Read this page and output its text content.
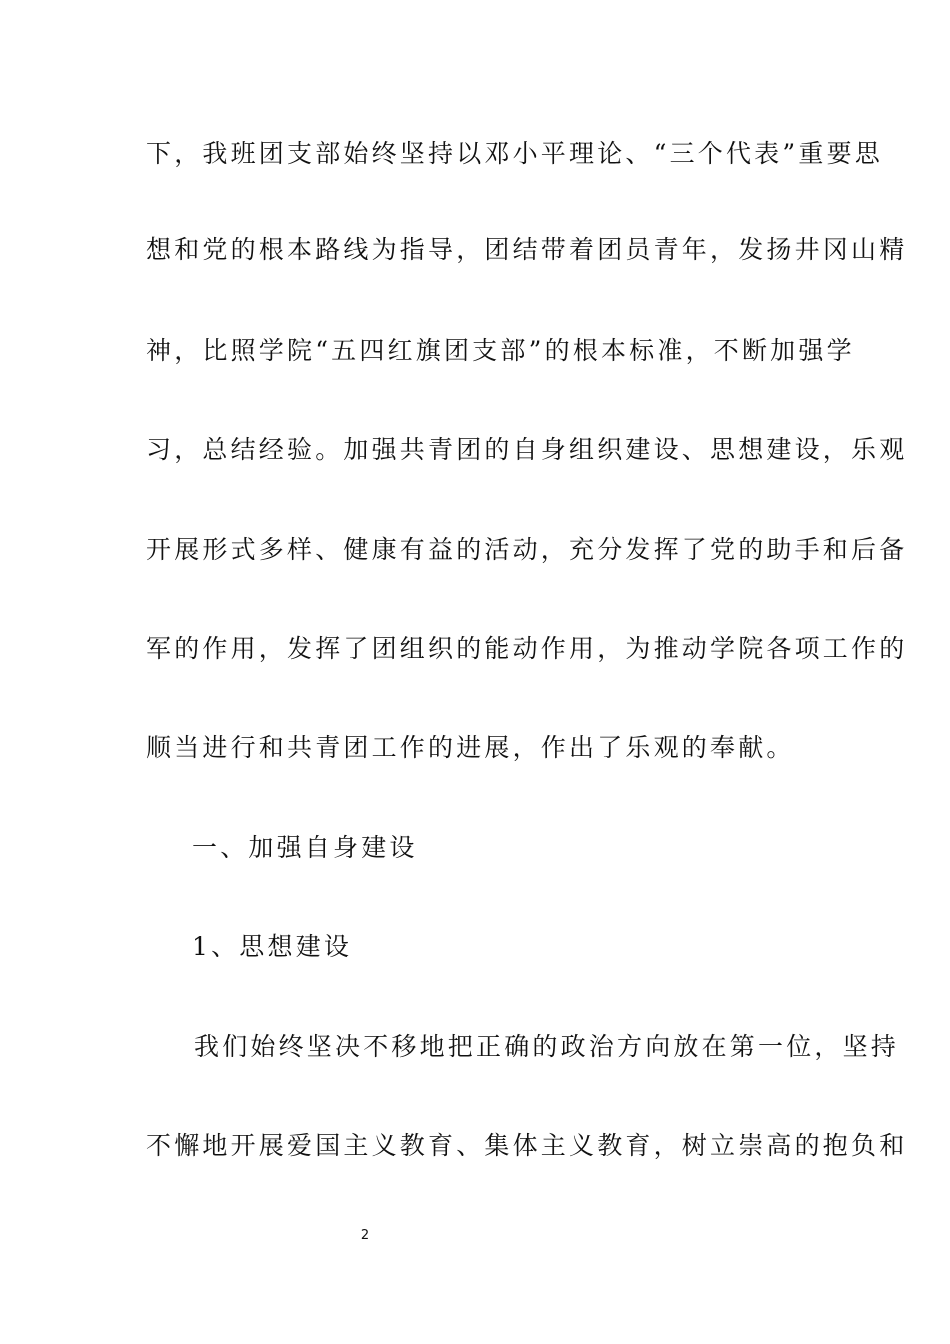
下，我班团支部始终坚持以邓小平理论、“三个代表”重要思
想和党的根本路线为指导，团结带着团员青年，发扬井冈山精
神，比照学院“五四红旗团支部”的根本标准，不断加强学
习，总结经验。加强共青团的自身组织建设、思想建设，乐观
开展形式多样、健康有益的活动，充分发挥了党的助手和后备
军的作用，发挥了团组织的能动作用，为推动学院各项工作的
顺当进行和共青团工作的进展，作出了乐观的奉献。
一、加强自身建设
1、思想建设
我们始终坚决不移地把正确的政治方向放在第一位，坚持
不懈地开展爱国主义教育、集体主义教育，树立崇高的抱负和
2
